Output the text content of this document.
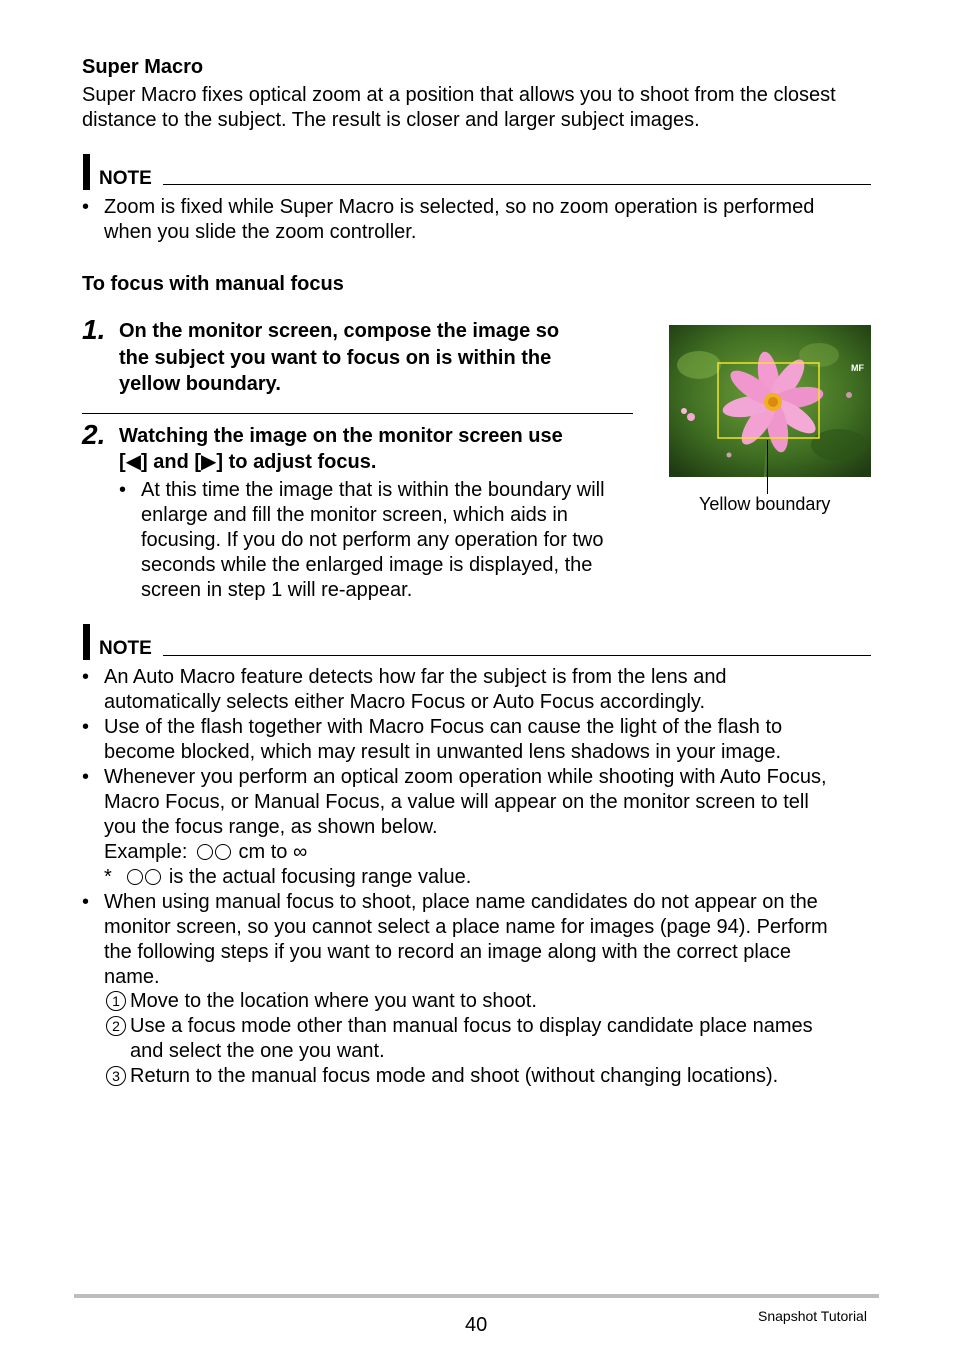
Super Macro
Super Macro fixes optical zoom at a position that allows you to shoot from the closest
distance to the subject. The result is closer and larger subject images.
NOTE
• Zoom is fixed while Super Macro is selected, so no zoom operation is performed
when you slide the zoom controller.
To focus with manual focus
1. On the monitor screen, compose the image so
the subject you want to focus on is within the
yellow boundary.
2. Watching the image on the monitor screen use
[◀] and [▶] to adjust focus.
• At this time the image that is within the boundary will
enlarge and fill the monitor screen, which aids in
focusing. If you do not perform any operation for two
seconds while the enlarged image is displayed, the
screen in step 1 will re-appear.
MF
Yellow boundary
NOTE
• An Auto Macro feature detects how far the subject is from the lens and
automatically selects either Macro Focus or Auto Focus accordingly.
• Use of the flash together with Macro Focus can cause the light of the flash to
become blocked, which may result in unwanted lens shadows in your image.
• Whenever you perform an optical zoom operation while shooting with Auto Focus,
Macro Focus, or Manual Focus, a value will appear on the monitor screen to tell
you the focus range, as shown below.
Example:	cm to ∞
*	is the actual focusing range value.
• When using manual focus to shoot, place name candidates do not appear on the
monitor screen, so you cannot select a place name for images (page 94). Perform
the following steps if you want to record an image along with the correct place
name.
1 Move to the location where you want to shoot.
2 Use a focus mode other than manual focus to display candidate place names
and select the one you want.
3 Return to the manual focus mode and shoot (without changing locations).
40	Snapshot Tutorial
